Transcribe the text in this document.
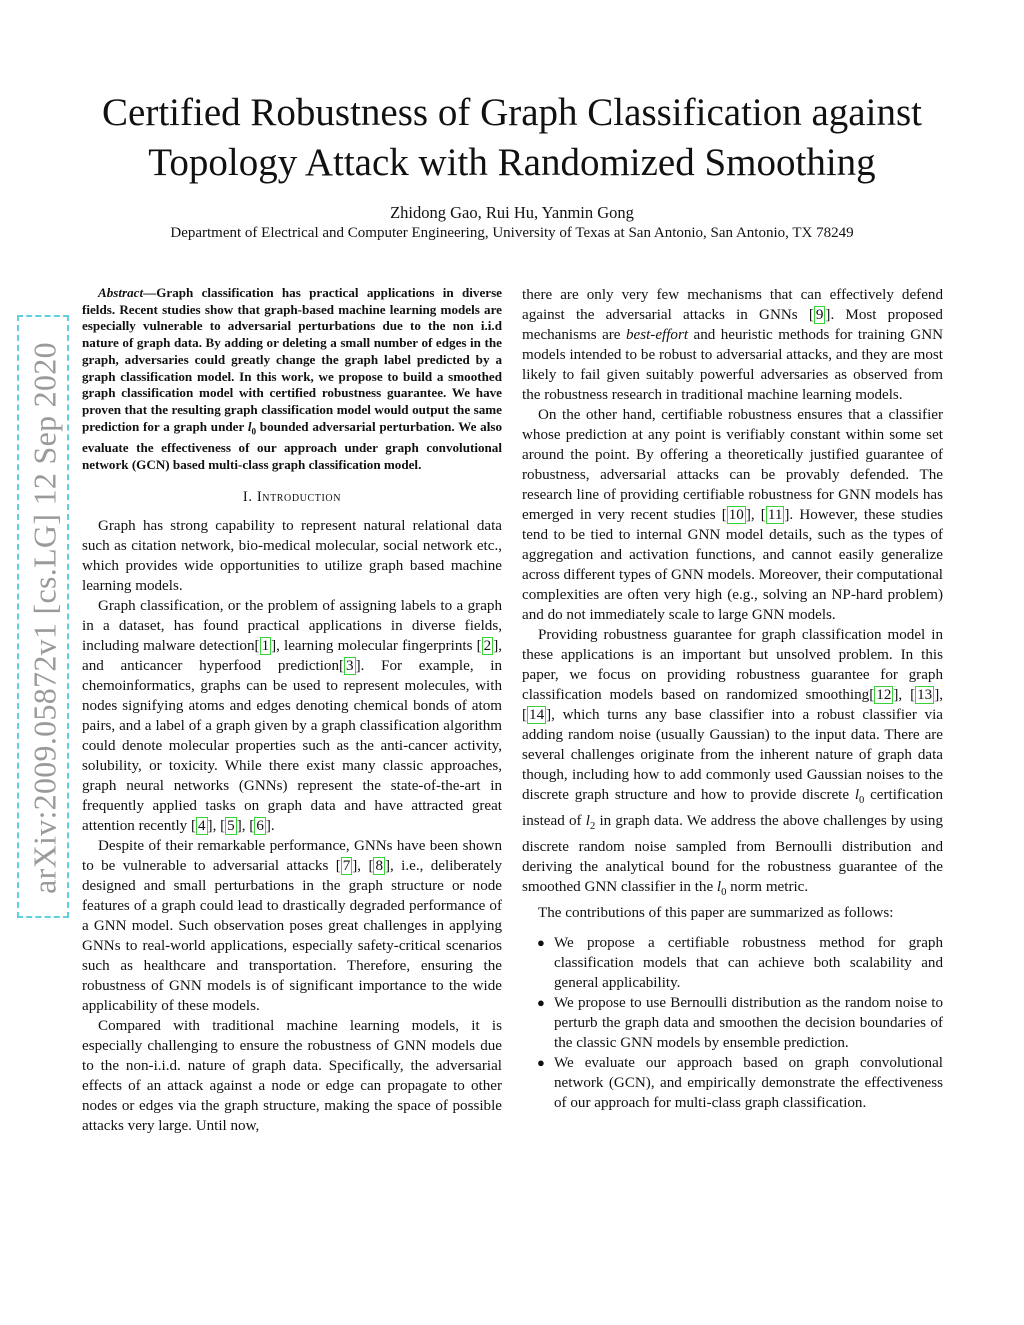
Certified Robustness of Graph Classification against Topology Attack with Randomized Smoothing
Zhidong Gao, Rui Hu, Yanmin Gong
Department of Electrical and Computer Engineering, University of Texas at San Antonio, San Antonio, TX 78249
arXiv:2009.05872v1 [cs.LG] 12 Sep 2020

Abstract—Graph classification has practical applications in diverse fields. Recent studies show that graph-based machine learning models are especially vulnerable to adversarial perturbations due to the non i.i.d nature of graph data. By adding or deleting a small number of edges in the graph, adversaries could greatly change the graph label predicted by a graph classification model. In this work, we propose to build a smoothed graph classification model with certified robustness guarantee. We have proven that the resulting graph classification model would output the same prediction for a graph under $l_0$ bounded adversarial perturbation. We also evaluate the effectiveness of our approach under graph convolutional network (GCN) based multi-class graph classification model.

I. Introduction

Graph has strong capability to represent natural relational data such as citation network, bio-medical molecular, social network etc., which provides wide opportunities to utilize graph based machine learning models.

Graph classification, or the problem of assigning labels to a graph in a dataset, has found practical applications in diverse fields, including malware detection[ 1 ], learning molecular fingerprints [ 2 ], and anticancer hyperfood prediction[ 3 ]. For example, in chemoinformatics, graphs can be used to represent molecules, with nodes signifying atoms and edges denoting chemical bonds of atom pairs, and a label of a graph given by a graph classification algorithm could denote molecular properties such as the anti-cancer activity, solubility, or toxicity. While there exist many classic approaches, graph neural networks (GNNs) represent the state-of-the-art in frequently applied tasks on graph data and have attracted great attention recently [ 4 ], [ 5 ], [ 6 ].

Despite of their remarkable performance, GNNs have been shown to be vulnerable to adversarial attacks [ 7 ], [ 8 ], i.e., deliberately designed and small perturbations in the graph structure or node features of a graph could lead to drastically degraded performance of a GNN model. Such observation poses great challenges in applying GNNs to real-world applications, especially safety-critical scenarios such as healthcare and transportation. Therefore, ensuring the robustness of GNN models is of significant importance to the wide applicability of these models.

Compared with traditional machine learning models, it is especially challenging to ensure the robustness of GNN models due to the non-i.i.d. nature of graph data. Specifically, the adversarial effects of an attack against a node or edge can propagate to other nodes or edges via the graph structure, making the space of possible attacks very large. Until now,

there are only very few mechanisms that can effectively defend against the adversarial attacks in GNNs [ 9 ]. Most proposed mechanisms are best-effort and heuristic methods for training GNN models intended to be robust to adversarial attacks, and they are most likely to fail given suitably powerful adversaries as observed from the robustness research in traditional machine learning models.

On the other hand, certifiable robustness ensures that a classifier whose prediction at any point is verifiably constant within some set around the point. By offering a theoretically justified guarantee of robustness, adversarial attacks can be provably defended. The research line of providing certifiable robustness for GNN models has emerged in very recent studies [ 10 ], [ 11 ]. However, these studies tend to be tied to internal GNN model details, such as the types of aggregation and activation functions, and cannot easily generalize across different types of GNN models. Moreover, their computational complexities are often very high (e.g., solving an NP-hard problem) and do not immediately scale to large GNN models.

Providing robustness guarantee for graph classification model in these applications is an important but unsolved problem. In this paper, we focus on providing robustness guarantee for graph classification models based on randomized smoothing[ 12 ], [ 13 ], [ 14 ], which turns any base classifier into a robust classifier via adding random noise (usually Gaussian) to the input data. There are several challenges originate from the inherent nature of graph data though, including how to add commonly used Gaussian noises to the discrete graph structure and how to provide discrete $l_0$ certification instead of $l_2$ in graph data. We address the above challenges by using discrete random noise sampled from Bernoulli distribution and deriving the analytical bound for the robustness guarantee of the smoothed GNN classifier in the $l_0$ norm metric.

The contributions of this paper are summarized as follows:

● We propose a certifiable robustness method for graph classification models that can achieve both scalability and general applicability.
● We propose to use Bernoulli distribution as the random noise to perturb the graph data and smoothen the decision boundaries of the classic GNN models by ensemble prediction.
● We evaluate our approach based on graph convolutional network (GCN), and empirically demonstrate the effectiveness of our approach for multi-class graph classification.
